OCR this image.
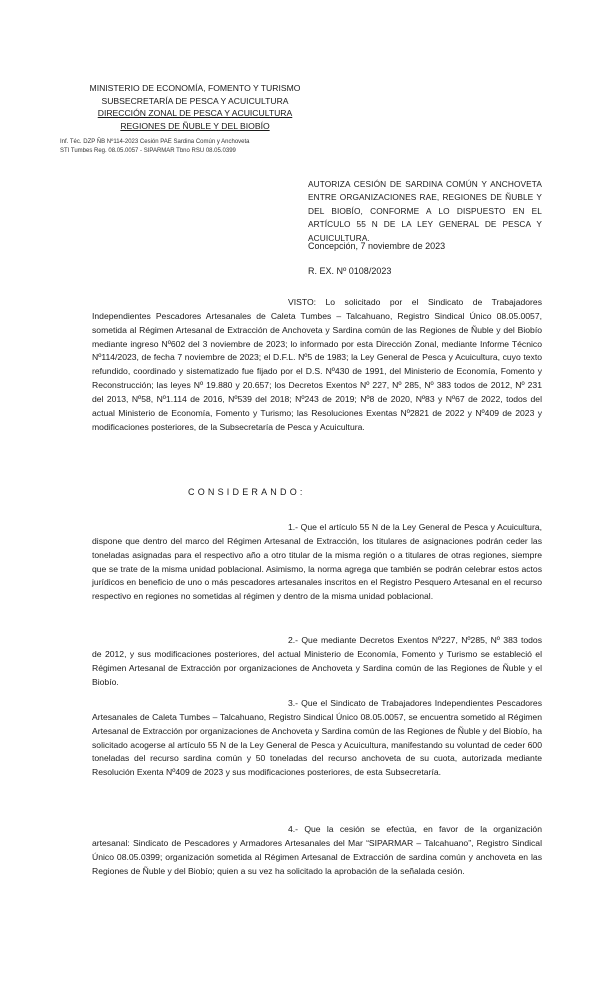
MINISTERIO DE ECONOMÍA, FOMENTO Y TURISMO
SUBSECRETARÍA DE PESCA Y ACUICULTURA
DIRECCIÓN ZONAL DE PESCA Y ACUICULTURA
REGIONES DE ÑUBLE Y DEL BIOBÍO
Inf. Téc. DZP ÑB Nº114-2023 Cesión PAE Sardina Común y Anchoveta
STI Tumbes Reg. 08.05.0057 - SIPARMAR Tbno RSU 08.05.0399
AUTORIZA CESIÓN DE SARDINA COMÚN Y ANCHOVETA ENTRE ORGANIZACIONES RAE, REGIONES DE ÑUBLE Y DEL BIOBÍO, CONFORME A LO DISPUESTO EN EL ARTÍCULO 55 N DE LA LEY GENERAL DE PESCA Y ACUICULTURA.
Concepción, 7 noviembre de 2023
R. EX. Nº 0108/2023
VISTO: Lo solicitado por el Sindicato de Trabajadores Independientes Pescadores Artesanales de Caleta Tumbes – Talcahuano, Registro Sindical Único 08.05.0057, sometida al Régimen Artesanal de Extracción de Anchoveta y Sardina común de las Regiones de Ñuble y del Biobío mediante ingreso Nº602 del 3 noviembre de 2023; lo informado por esta Dirección Zonal, mediante Informe Técnico Nº114/2023, de fecha 7 noviembre de 2023; el D.F.L. Nº5 de 1983; la Ley General de Pesca y Acuicultura, cuyo texto refundido, coordinado y sistematizado fue fijado por el D.S. Nº430 de 1991, del Ministerio de Economía, Fomento y Reconstrucción; las leyes Nº 19.880 y 20.657; los Decretos Exentos Nº 227, Nº 285, Nº 383 todos de 2012, Nº 231 del 2013, Nº58, Nº1.114 de 2016, Nº539 del 2018; Nº243 de 2019; Nº8 de 2020, Nº83 y Nº67 de 2022, todos del actual Ministerio de Economía, Fomento y Turismo; las Resoluciones Exentas Nº2821 de 2022 y Nº409 de 2023 y modificaciones posteriores, de la Subsecretaría de Pesca y Acuicultura.
CONSIDERANDO:
1.- Que el artículo 55 N de la Ley General de Pesca y Acuicultura, dispone que dentro del marco del Régimen Artesanal de Extracción, los titulares de asignaciones podrán ceder las toneladas asignadas para el respectivo año a otro titular de la misma región o a titulares de otras regiones, siempre que se trate de la misma unidad poblacional. Asimismo, la norma agrega que también se podrán celebrar estos actos jurídicos en beneficio de uno o más pescadores artesanales inscritos en el Registro Pesquero Artesanal en el recurso respectivo en regiones no sometidas al régimen y dentro de la misma unidad poblacional.
2.- Que mediante Decretos Exentos Nº227, Nº285, Nº 383 todos de 2012, y sus modificaciones posteriores, del actual Ministerio de Economía, Fomento y Turismo se estableció el Régimen Artesanal de Extracción por organizaciones de Anchoveta y Sardina común de las Regiones de Ñuble y el Biobío.
3.- Que el Sindicato de Trabajadores Independientes Pescadores Artesanales de Caleta Tumbes – Talcahuano, Registro Sindical Único 08.05.0057, se encuentra sometido al Régimen Artesanal de Extracción por organizaciones de Anchoveta y Sardina común de las Regiones de Ñuble y del Biobío, ha solicitado acogerse al artículo 55 N de la Ley General de Pesca y Acuicultura, manifestando su voluntad de ceder 600 toneladas del recurso sardina común y 50 toneladas del recurso anchoveta de su cuota, autorizada mediante Resolución Exenta Nº409 de 2023 y sus modificaciones posteriores, de esta Subsecretaría.
4.- Que la cesión se efectúa, en favor de la organización artesanal: Sindicato de Pescadores y Armadores Artesanales del Mar “SIPARMAR – Talcahuano”, Registro Sindical Único 08.05.0399; organización sometida al Régimen Artesanal de Extracción de sardina común y anchoveta en las Regiones de Ñuble y del Biobío; quien a su vez ha solicitado la aprobación de la señalada cesión.
